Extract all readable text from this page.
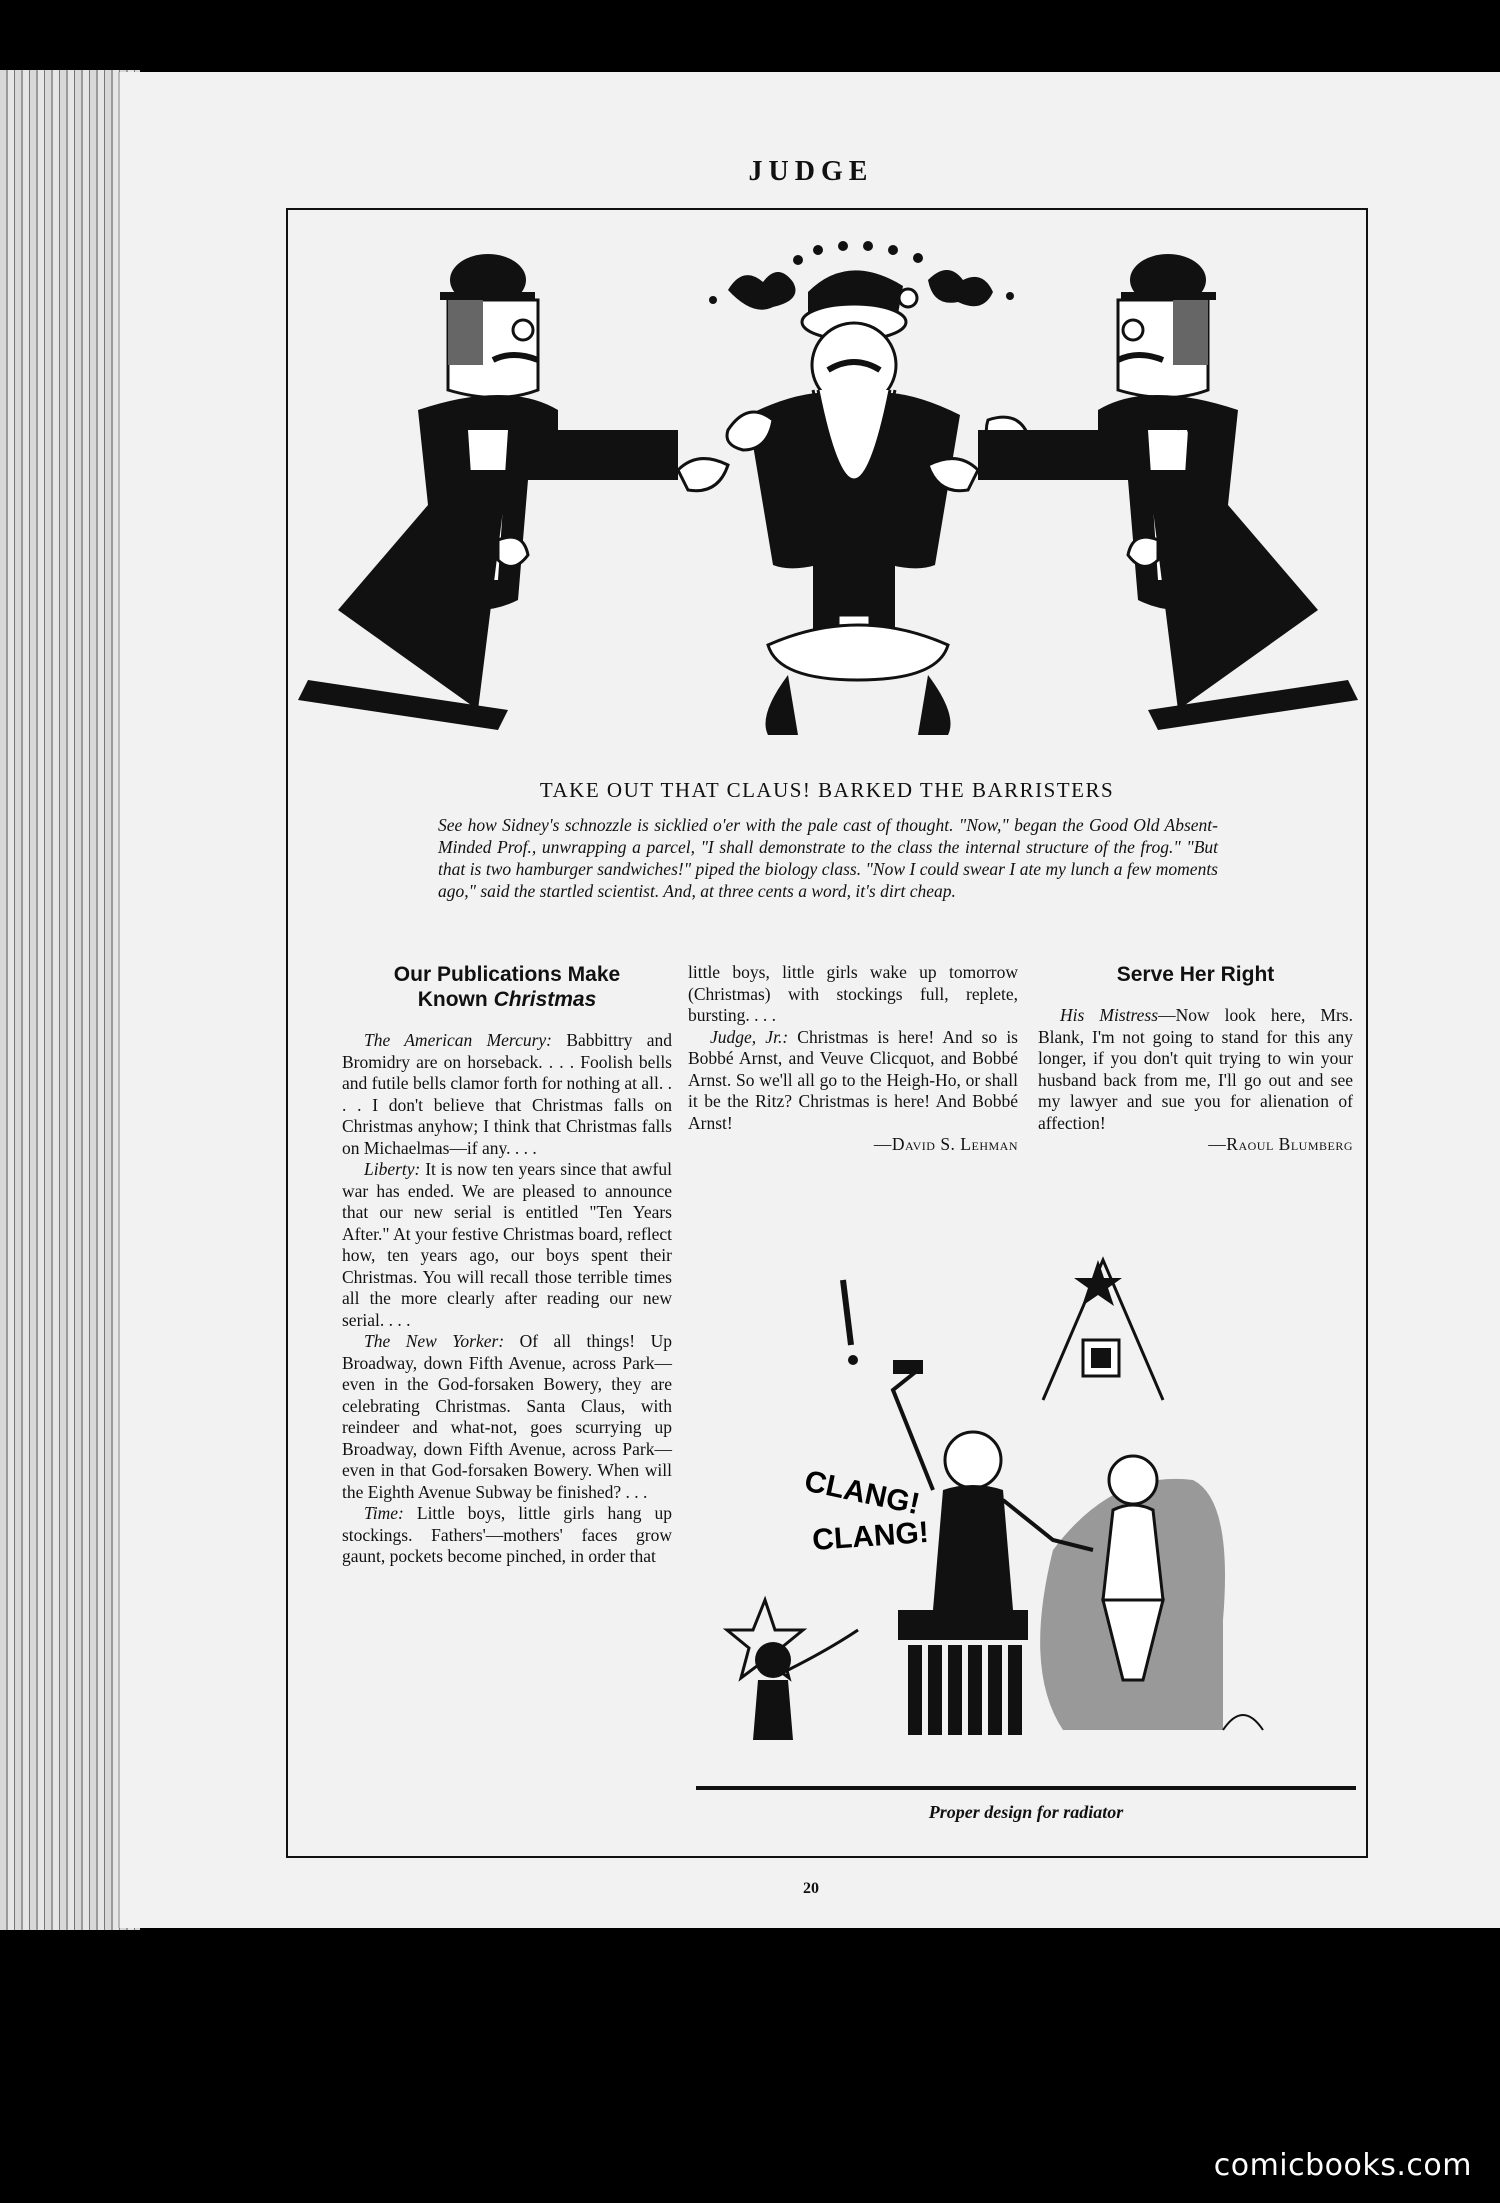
JUDGE
TAKE OUT THAT CLAUS! BARKED THE BARRISTERS
See how Sidney's schnozzle is sicklied o'er with the pale cast of thought. "Now," began the Good Old Absent-Minded Prof., unwrapping a parcel, "I shall demonstrate to the class the internal structure of the frog." "But that is two hamburger sandwiches!" piped the biology class. "Now I could swear I ate my lunch a few moments ago," said the startled scientist. And, at three cents a word, it's dirt cheap.
Our Publications Make
Known Christmas

The American Mercury: Babbittry and Bromidry are on horseback. . . . Foolish bells and futile bells clamor forth for nothing at all. . . . I don't believe that Christmas falls on Christmas anyhow; I think that Christmas falls on Michaelmas—if any. . . .

Liberty: It is now ten years since that awful war has ended. We are pleased to announce that our new serial is entitled "Ten Years After." At your festive Christmas board, reflect how, ten years ago, our boys spent their Christmas. You will recall those terrible times all the more clearly after reading our new serial. . . .

The New Yorker: Of all things! Up Broadway, down Fifth Avenue, across Park—even in the God-forsaken Bowery, they are celebrating Christmas. Santa Claus, with reindeer and what-not, goes scurrying up Broadway, down Fifth Avenue, across Park—even in that God-forsaken Bowery. When will the Eighth Avenue Subway be finished? . . .

Time: Little boys, little girls hang up stockings. Fathers'—mothers' faces grow gaunt, pockets become pinched, in order that

little boys, little girls wake up tomorrow (Christmas) with stockings full, replete, bursting. . . .

Judge, Jr.: Christmas is here! And so is Bobbé Arnst, and Veuve Clicquot, and Bobbé Arnst. So we'll all go to the Heigh-Ho, or shall it be the Ritz? Christmas is here! And Bobbé Arnst!

—David S. Lehman
Serve Her Right

His Mistress—Now look here, Mrs. Blank, I'm not going to stand for this any longer, if you don't quit trying to win your husband back from me, I'll go out and see my lawyer and sue you for alienation of affection!

—Raoul Blumberg
CLANG!
CLANG!
Proper design for radiator
20
comicbooks.com
